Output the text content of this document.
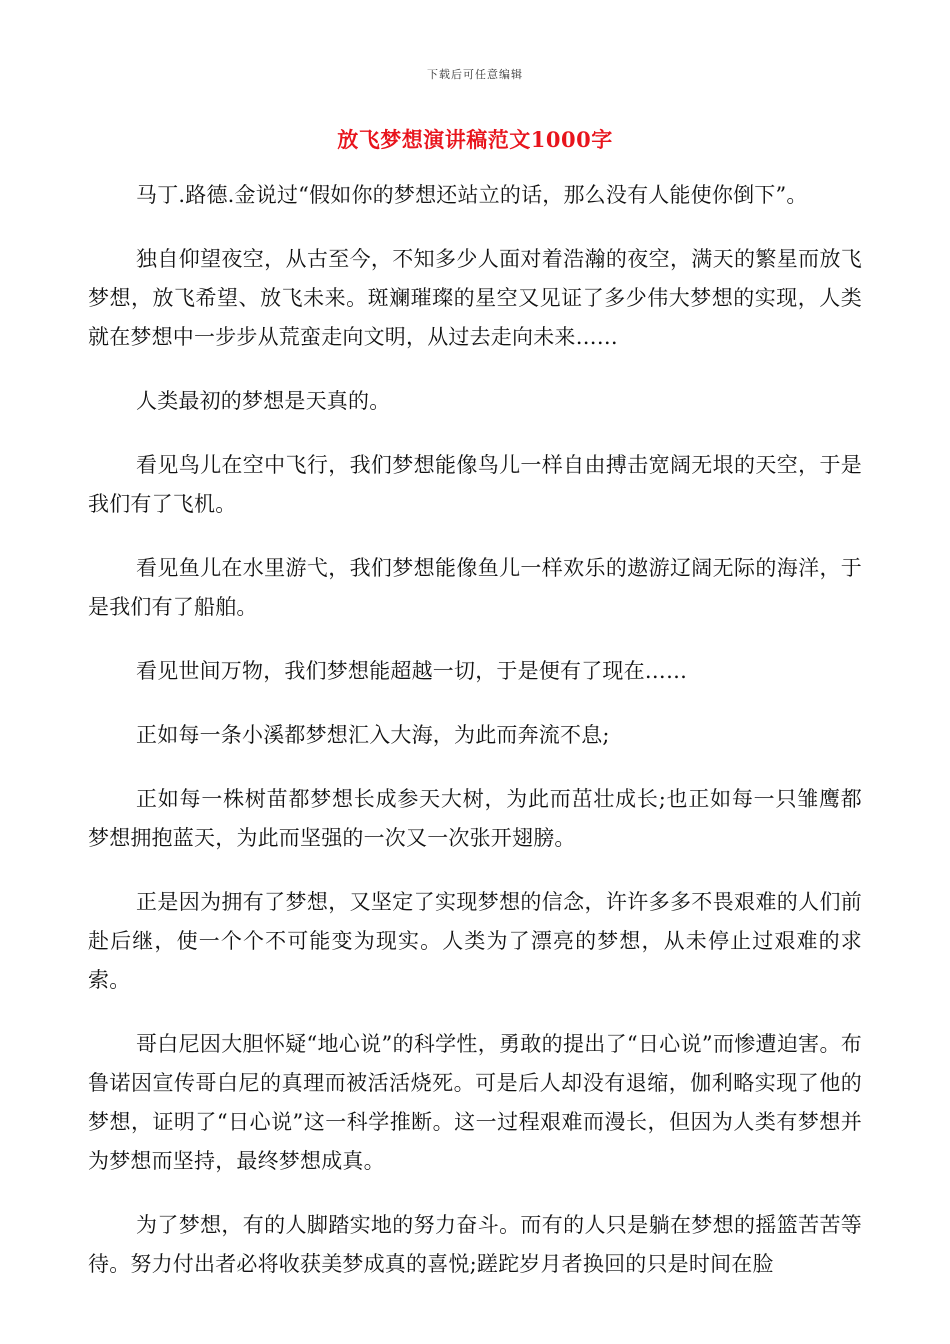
下载后可任意编辑
放飞梦想演讲稿范文1000字

马丁.路德.金说过“假如你的梦想还站立的话，那么没有人能使你倒下”。

独自仰望夜空，从古至今，不知多少人面对着浩瀚的夜空，满天的繁星而放飞梦想，放飞希望、放飞未来。斑斓璀璨的星空又见证了多少伟大梦想的实现，人类就在梦想中一步步从荒蛮走向文明，从过去走向未来……

人类最初的梦想是天真的。

看见鸟儿在空中飞行，我们梦想能像鸟儿一样自由搏击宽阔无垠的天空，于是我们有了飞机。

看见鱼儿在水里游弋，我们梦想能像鱼儿一样欢乐的遨游辽阔无际的海洋，于是我们有了船舶。

看见世间万物，我们梦想能超越一切，于是便有了现在……

正如每一条小溪都梦想汇入大海，为此而奔流不息;

正如每一株树苗都梦想长成参天大树，为此而茁壮成长;也正如每一只雏鹰都梦想拥抱蓝天，为此而坚强的一次又一次张开翅膀。

正是因为拥有了梦想，又坚定了实现梦想的信念，许许多多不畏艰难的人们前赴后继，使一个个不可能变为现实。人类为了漂亮的梦想，从未停止过艰难的求索。

哥白尼因大胆怀疑“地心说”的科学性，勇敢的提出了“日心说”而惨遭迫害。布鲁诺因宣传哥白尼的真理而被活活烧死。可是后人却没有退缩，伽利略实现了他的梦想，证明了“日心说”这一科学推断。这一过程艰难而漫长，但因为人类有梦想并为梦想而坚持，最终梦想成真。

为了梦想，有的人脚踏实地的努力奋斗。而有的人只是躺在梦想的摇篮苦苦等待。努力付出者必将收获美梦成真的喜悦;蹉跎岁月者换回的只是时间在脸
